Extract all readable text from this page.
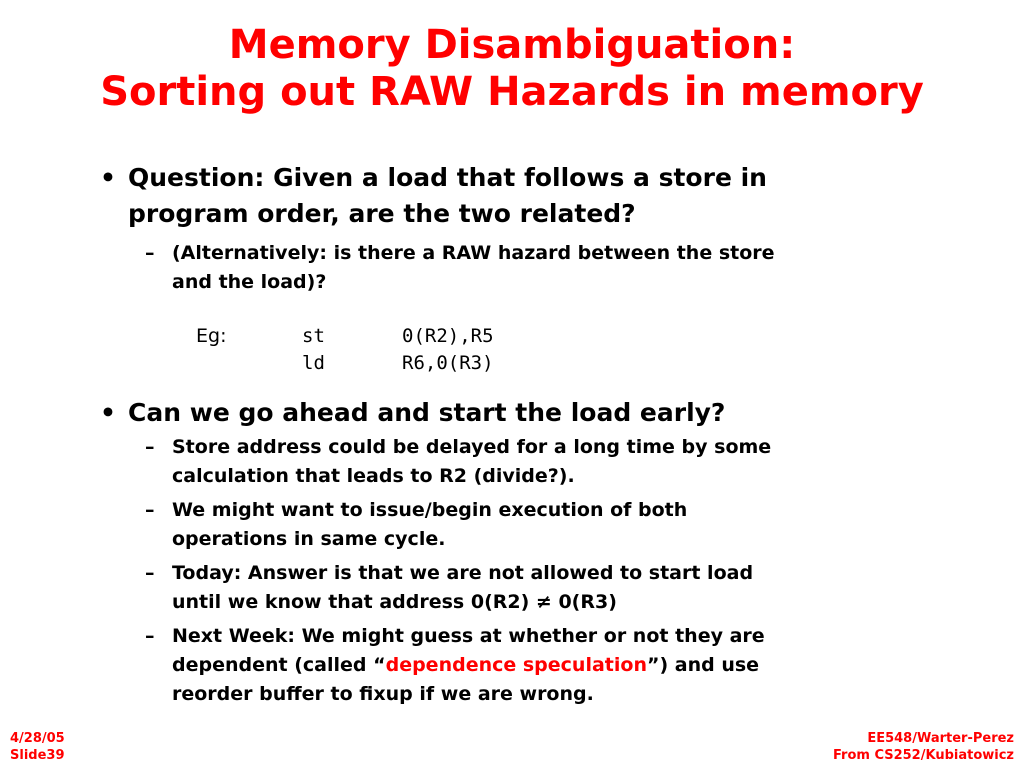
Memory Disambiguation:
Sorting out RAW Hazards in memory
• Question: Given a load that follows a store in
program order, are the two related?
– (Alternatively: is there a RAW hazard between the store
and the load)?
Eg:	st	0(R2),R5
ld	R6,0(R3)
• Can we go ahead and start the load early?
– Store address could be delayed for a long time by some
calculation that leads to R2 (divide?).
– We might want to issue/begin execution of both
operations in same cycle.
– Today: Answer is that we are not allowed to start load
until we know that address 0(R2) ≠ 0(R3)
– Next Week: We might guess at whether or not they are
dependent (called “dependence speculation”) and use
reorder buffer to fixup if we are wrong.
4/28/05
Slide39
EE548/Warter-Perez
From CS252/Kubiatowicz
